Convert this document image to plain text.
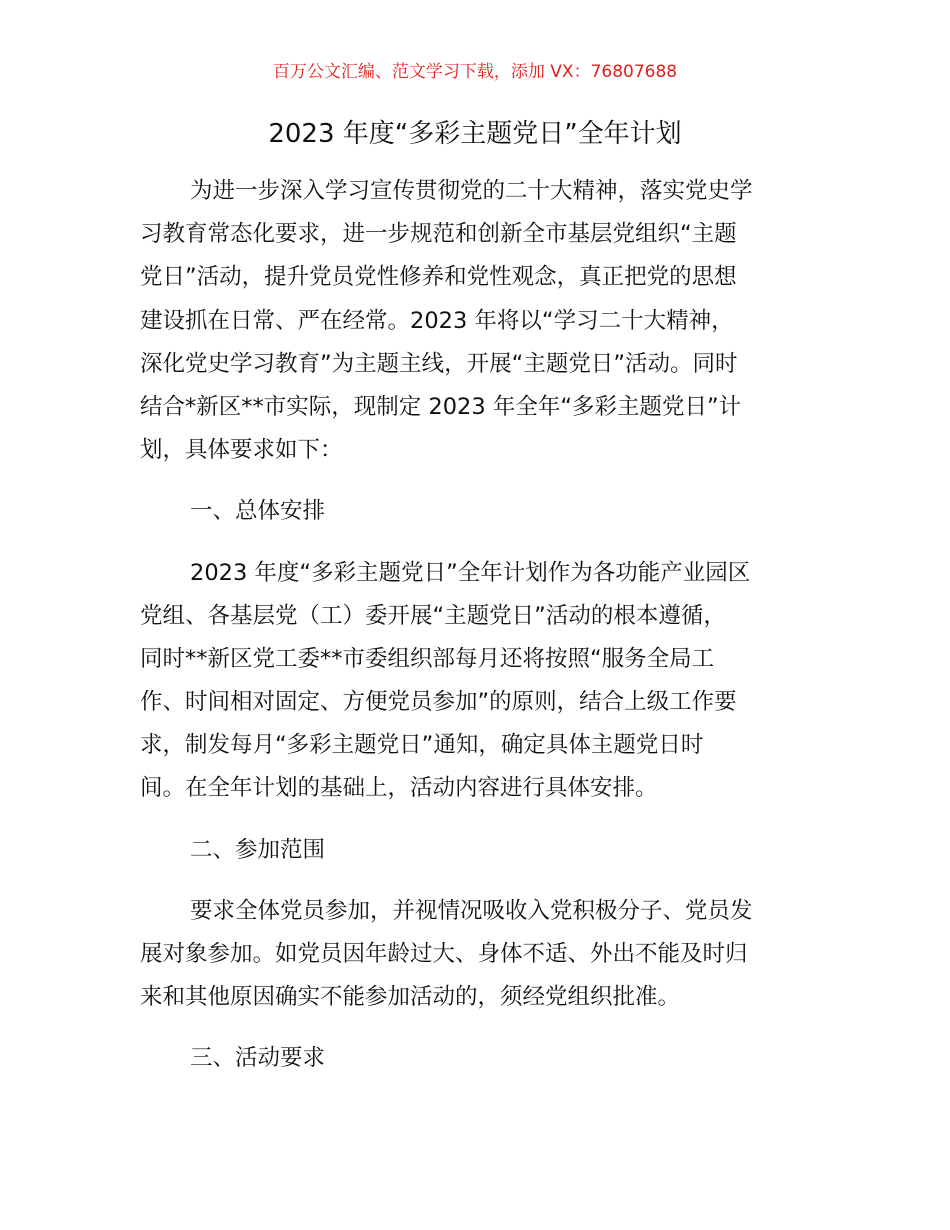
百万公文汇编、范文学习下载，添加 VX：76807688
2023 年度“多彩主题党日”全年计划
为进一步深入学习宣传贯彻党的二十大精神，落实党史学
习教育常态化要求，进一步规范和创新全市基层党组织“主题
党日”活动，提升党员党性修养和党性观念，真正把党的思想
建设抓在日常、严在经常。2023 年将以“学习二十大精神，
深化党史学习教育”为主题主线，开展“主题党日”活动。同时
结合*新区**市实际，现制定 2023 年全年“多彩主题党日”计
划，具体要求如下：
一、总体安排
2023 年度“多彩主题党日”全年计划作为各功能产业园区
党组、各基层党（工）委开展“主题党日”活动的根本遵循，
同时**新区党工委**市委组织部每月还将按照“服务全局工
作、时间相对固定、方便党员参加”的原则，结合上级工作要
求，制发每月“多彩主题党日”通知，确定具体主题党日时
间。在全年计划的基础上，活动内容进行具体安排。
二、参加范围
要求全体党员参加，并视情况吸收入党积极分子、党员发
展对象参加。如党员因年龄过大、身体不适、外出不能及时归
来和其他原因确实不能参加活动的，须经党组织批准。
三、活动要求
